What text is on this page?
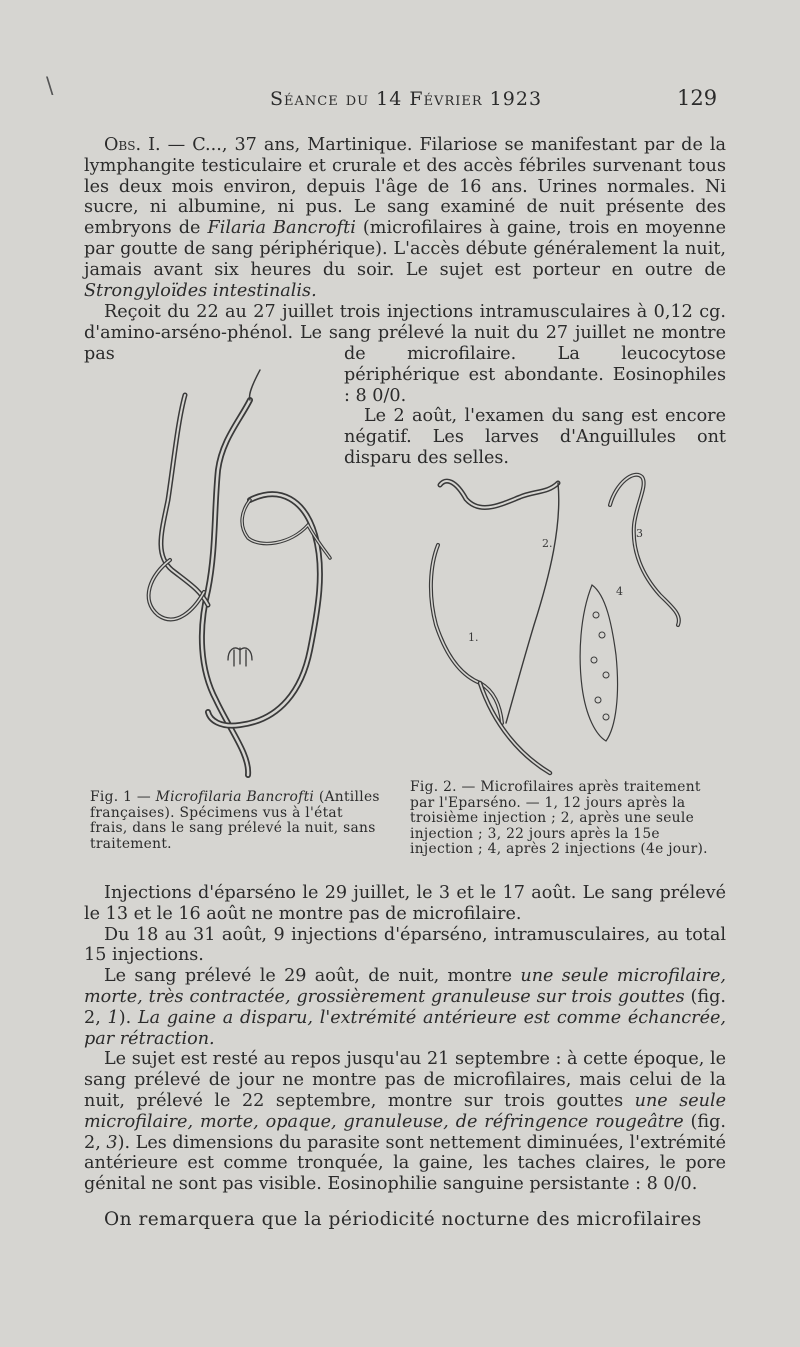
\	Séance du 14 Février 1923	129

Obs. I. — C..., 37 ans, Martinique. Filariose se manifestant par de la lymphangite testiculaire et crurale et des accès fébriles survenant tous les deux mois environ, depuis l'âge de 16 ans. Urines normales. Ni sucre, ni albumine, ni pus. Le sang examiné de nuit présente des embryons de Filaria Bancrofti (microfilaires à gaine, trois en moyenne par goutte de sang périphérique). L'accès débute généralement la nuit, jamais avant six heures du soir. Le sujet est porteur en outre de Strongyloïdes intestinalis.

Reçoit du 22 au 27 juillet trois injections intramusculaires à 0,12 cg. d'amino-arséno-phénol. Le sang prélevé la nuit du 27 juillet ne montre pas	de microfilaire. La leucocytose périphérique est abondante. Eosinophiles : 8 0/0.

Le 2 août, l'examen du sang est encore négatif. Les larves d'Anguillules ont disparu des selles.

1.
2.
3
4
Fig. 1 — Microfilaria Bancrofti (Antilles françaises). Spécimens vus à l'état frais, dans le sang prélevé la nuit, sans traitement.
Fig. 2. — Microfilaires après traitement par l'Eparséno. — 1, 12 jours après la troisième injection ; 2, après une seule injection ; 3, 22 jours après la 15e injection ; 4, après 2 injections (4e jour).

Injections d'éparséno le 29 juillet, le 3 et le 17 août. Le sang prélevé le 13 et le 16 août ne montre pas de microfilaire.

Du 18 au 31 août, 9 injections d'éparséno, intramusculaires, au total 15 injections.

Le sang prélevé le 29 août, de nuit, montre une seule microfilaire, morte, très contractée, grossièrement granuleuse sur trois gouttes (fig. 2, 1). La gaine a disparu, l'extrémité antérieure est comme échancrée, par rétraction.

Le sujet est resté au repos jusqu'au 21 septembre : à cette époque, le sang prélevé de jour ne montre pas de microfilaires, mais celui de la nuit, prélevé le 22 septembre, montre sur trois gouttes une seule microfilaire, morte, opaque, granuleuse, de réfringence rougeâtre (fig. 2, 3). Les dimensions du parasite sont nettement diminuées, l'extrémité antérieure est comme tronquée, la gaine, les taches claires, le pore génital ne sont pas visible. Eosinophilie sanguine persistante : 8 0/0.

On remarquera que la périodicité nocturne des microfilaires
